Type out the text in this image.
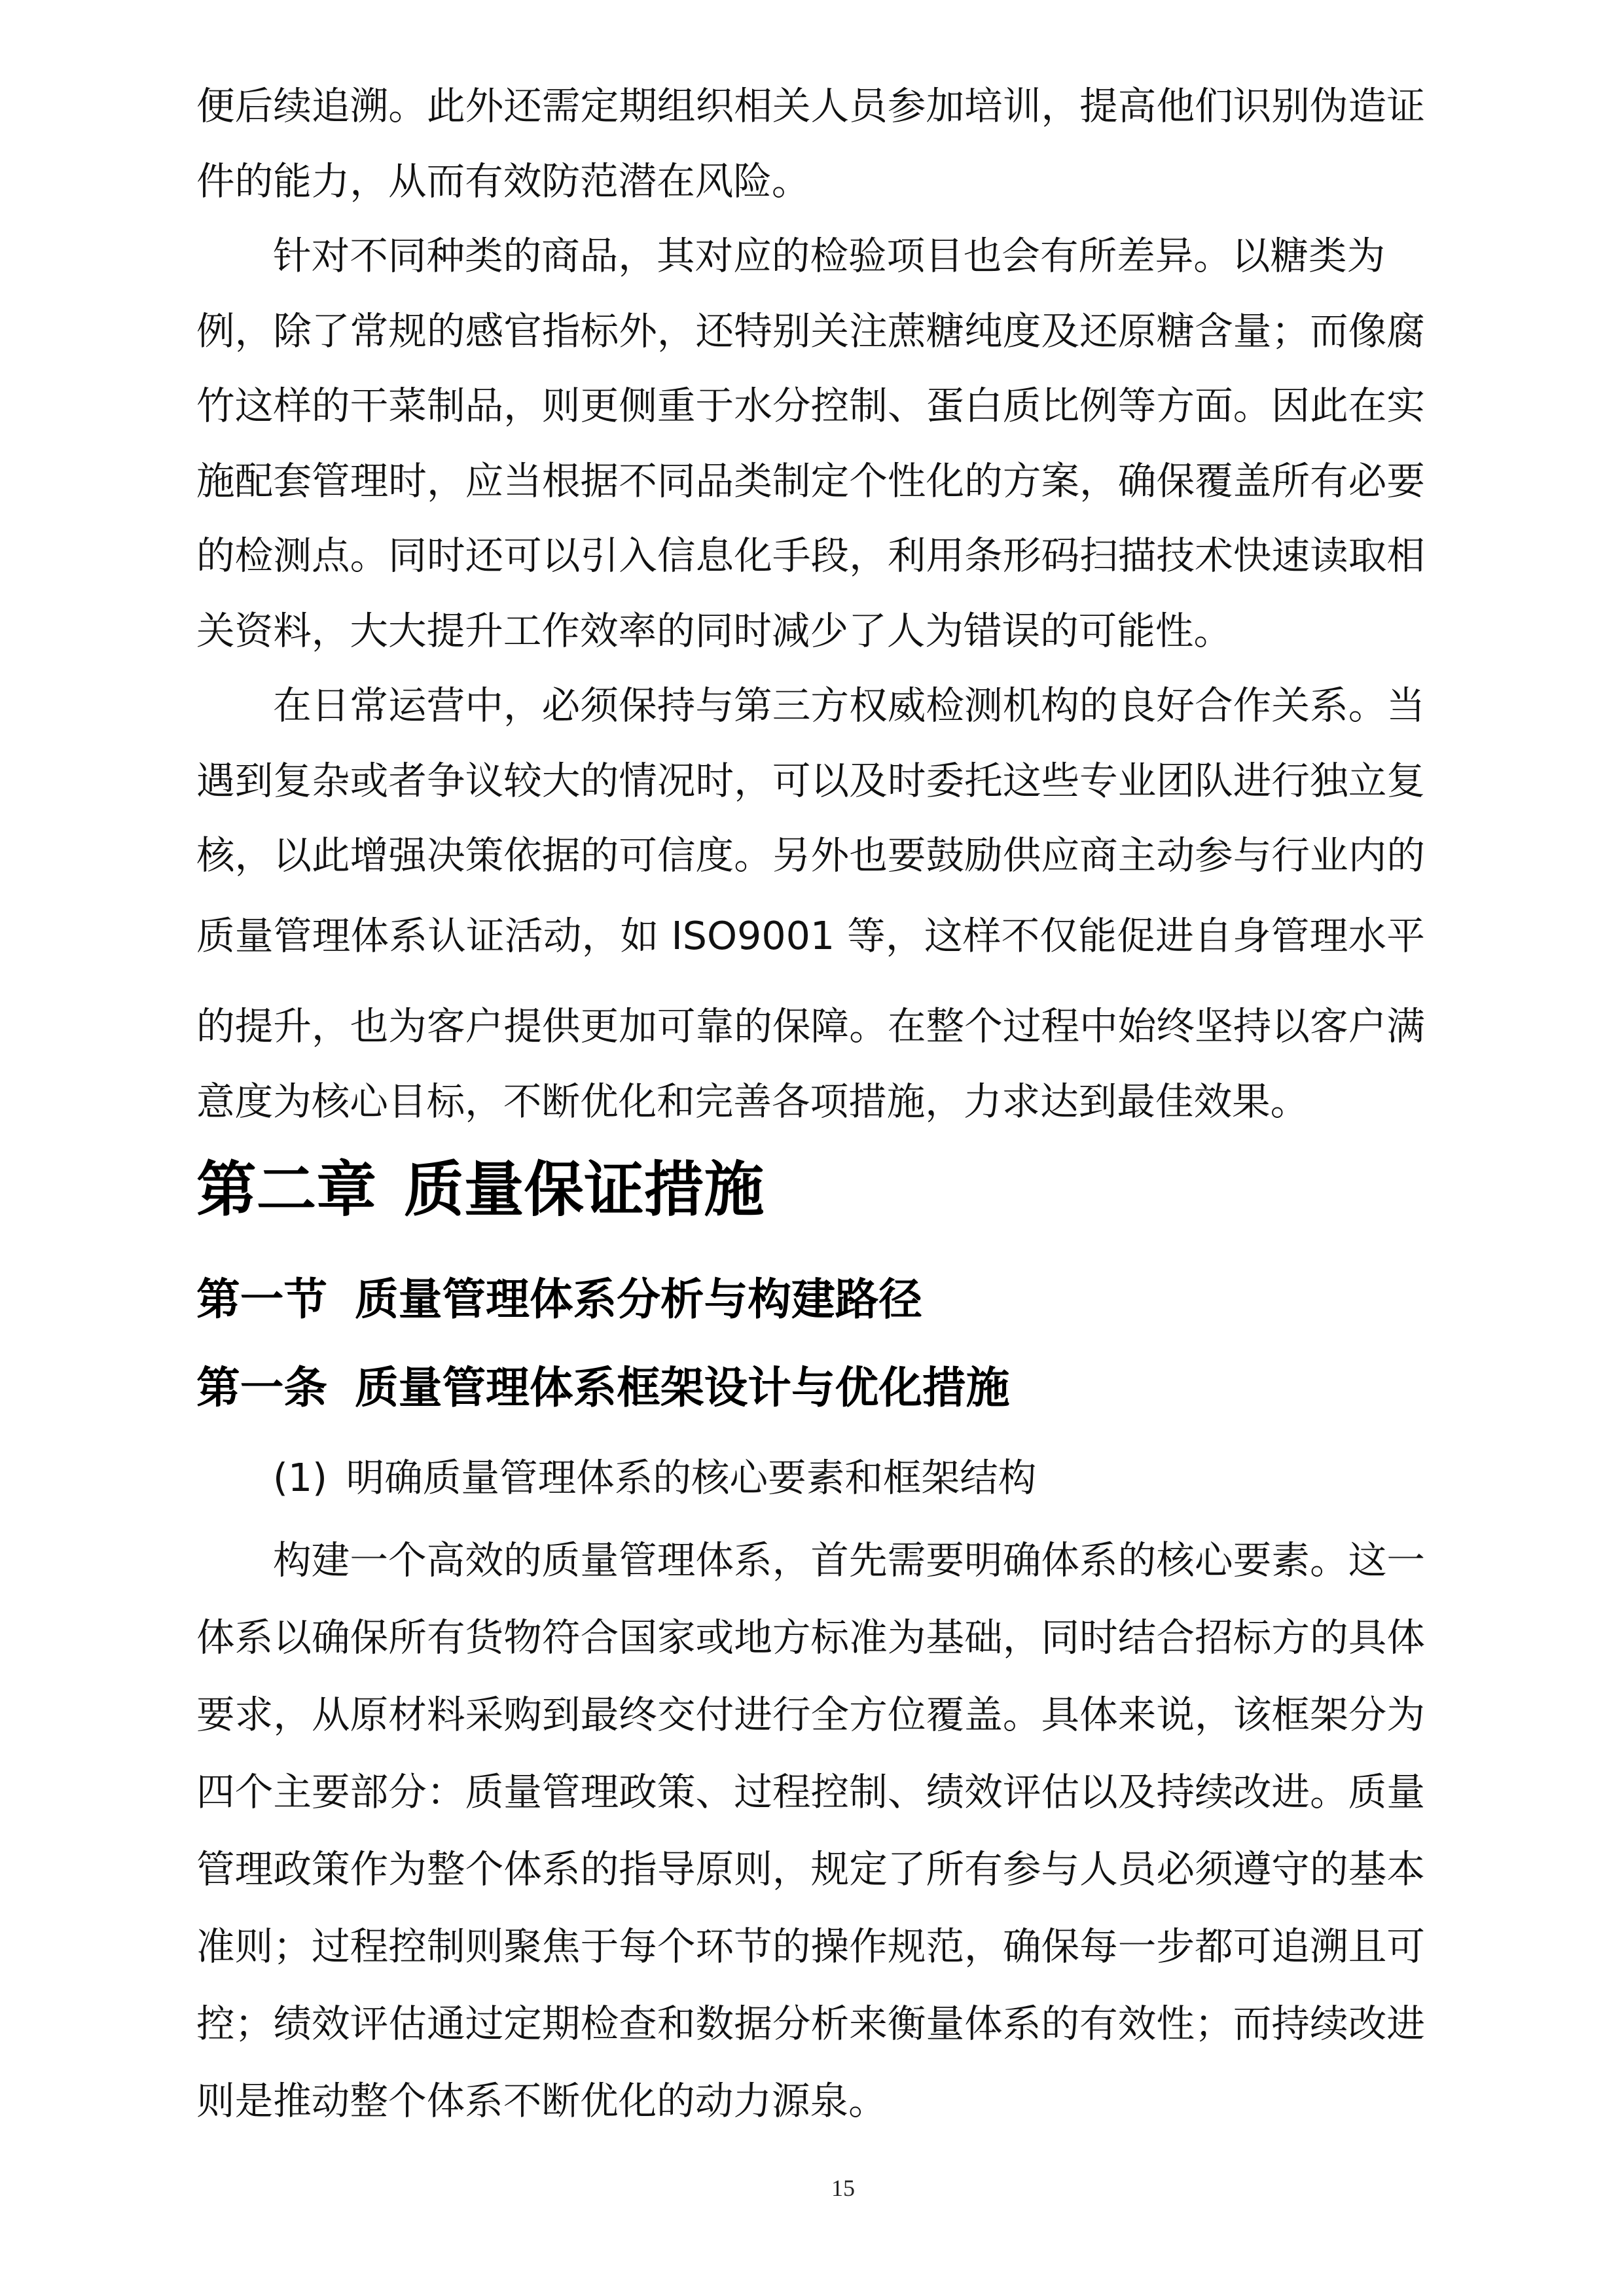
便后续追溯。此外还需定期组织相关人员参加培训，提高他们识别伪造证
件的能力，从而有效防范潜在风险。
针对不同种类的商品，其对应的检验项目也会有所差异。以糖类为
例，除了常规的感官指标外，还特别关注蔗糖纯度及还原糖含量；而像腐
竹这样的干菜制品，则更侧重于水分控制、蛋白质比例等方面。因此在实
施配套管理时，应当根据不同品类制定个性化的方案，确保覆盖所有必要
的检测点。同时还可以引入信息化手段，利用条形码扫描技术快速读取相
关资料，大大提升工作效率的同时减少了人为错误的可能性。
在日常运营中，必须保持与第三方权威检测机构的良好合作关系。当
遇到复杂或者争议较大的情况时，可以及时委托这些专业团队进行独立复
核，以此增强决策依据的可信度。另外也要鼓励供应商主动参与行业内的
质量管理体系认证活动，如 ISO9001 等，这样不仅能促进自身管理水平
的提升，也为客户提供更加可靠的保障。在整个过程中始终坚持以客户满
意度为核心目标，不断优化和完善各项措施，力求达到最佳效果。
第二章 质量保证措施
第一节 质量管理体系分析与构建路径
第一条 质量管理体系框架设计与优化措施
(1) 明确质量管理体系的核心要素和框架结构
构建一个高效的质量管理体系，首先需要明确体系的核心要素。这一
体系以确保所有货物符合国家或地方标准为基础，同时结合招标方的具体
要求，从原材料采购到最终交付进行全方位覆盖。具体来说，该框架分为
四个主要部分：质量管理政策、过程控制、绩效评估以及持续改进。质量
管理政策作为整个体系的指导原则，规定了所有参与人员必须遵守的基本
准则；过程控制则聚焦于每个环节的操作规范，确保每一步都可追溯且可
控；绩效评估通过定期检查和数据分析来衡量体系的有效性；而持续改进
则是推动整个体系不断优化的动力源泉。
15
